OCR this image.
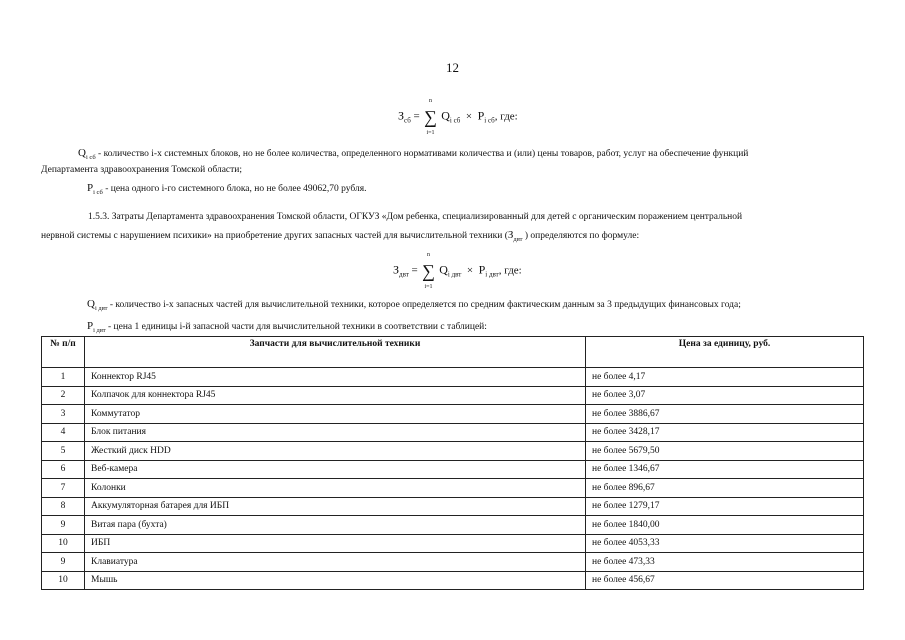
12
$З_{сб}$ = ∑
n
i=1
$Q_{i сб} \times P_{i сб}$, где:
$Q_{i сб}$ - количество i-х системных блоков, но не более количества, определенного нормативами количества и (или) цены товаров, работ, услуг на обеспечение функций
Департамента здравоохранения Томской области;
$P_{i сб}$ - цена одного i-го системного блока, но не более 49062,70 рубля.
1.5.3. Затраты Департамента здравоохранения Томской области, ОГКУЗ «Дом ребенка, специализированный для детей с органическим поражением центральной
нервной системы с нарушением психики» на приобретение других запасных частей для вычислительной техники ($З_{двт}$ ) определяются по формуле:
$З_{двт}$ = ∑
n
i=1
$Q_{i двт} \times P_{i двт}$, где:
$Q_{i двт}$ - количество i-х запасных частей для вычислительной техники, которое определяется по средним фактическим данным за 3 предыдущих финансовых года;
$P_{i двт}$ - цена 1 единицы i-й запасной части для вычислительной техники в соответствии с таблицей:
№ п/п	Запчасти для вычислительной техники	Цена за единицу, руб.
1	Коннектор RJ45	не более 4,17
2	Колпачок для коннектора RJ45	не более 3,07
3	Коммутатор	не более 3886,67
4	Блок питания	не более 3428,17
5	Жесткий диск HDD	не более 5679,50
6	Веб-камера	не более 1346,67
7	Колонки	не более 896,67
8	Аккумуляторная батарея для ИБП	не более 1279,17
9	Витая пара (бухта)	не более 1840,00
10	ИБП	не более 4053,33
9	Клавиатура	не более 473,33
10	Мышь	не более 456,67
